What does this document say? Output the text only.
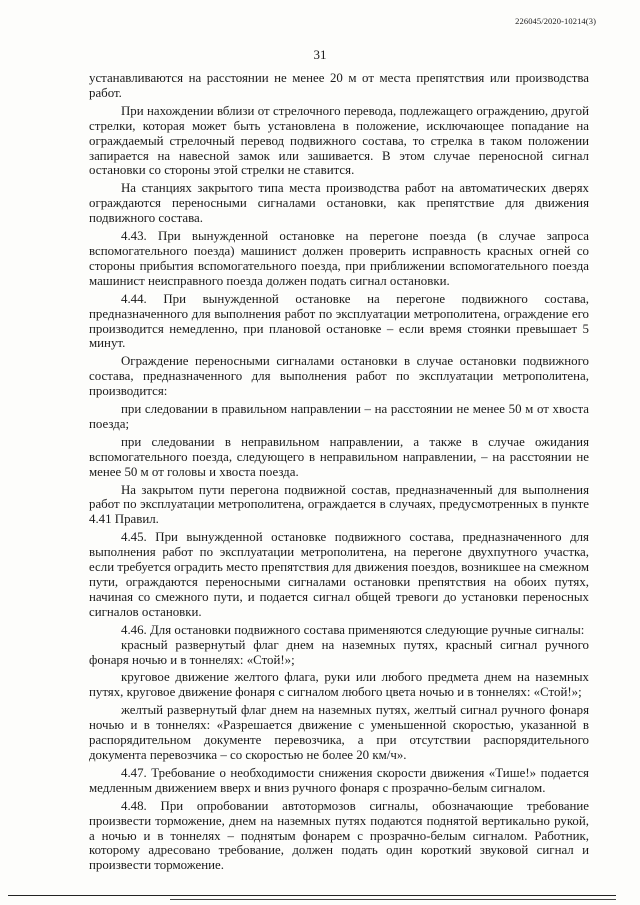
226045/2020-10214(3)
31

устанавливаются на расстоянии не менее 20 м от места препятствия или производства работ.

При нахождении вблизи от стрелочного перевода, подлежащего ограждению, другой стрелки, которая может быть установлена в положение, исключающее попадание на ограждаемый стрелочный перевод подвижного состава, то стрелка в таком положении запирается на навесной замок или зашивается. В этом случае переносной сигнал остановки со стороны этой стрелки не ставится.

На станциях закрытого типа места производства работ на автоматических дверях ограждаются переносными сигналами остановки, как препятствие для движения подвижного состава.

4.43. При вынужденной остановке на перегоне поезда (в случае запроса вспомогательного поезда) машинист должен проверить исправность красных огней со стороны прибытия вспомогательного поезда, при приближении вспомогательного поезда машинист неисправного поезда должен подать сигнал остановки.

4.44. При вынужденной остановке на перегоне подвижного состава, предназначенного для выполнения работ по эксплуатации метрополитена, ограждение его производится немедленно, при плановой остановке – если время стоянки превышает 5 минут.

Ограждение переносными сигналами остановки в случае остановки подвижного состава, предназначенного для выполнения работ по эксплуатации метрополитена, производится:

при следовании в правильном направлении – на расстоянии не менее 50 м от хвоста поезда;

при следовании в неправильном направлении, а также в случае ожидания вспомогательного поезда, следующего в неправильном направлении, – на расстоянии не менее 50 м от головы и хвоста поезда.

На закрытом пути перегона подвижной состав, предназначенный для выполнения работ по эксплуатации метрополитена, ограждается в случаях, предусмотренных в пункте 4.41 Правил.

4.45. При вынужденной остановке подвижного состава, предназначенного для выполнения работ по эксплуатации метрополитена, на перегоне двухпутного участка, если требуется оградить место препятствия для движения поездов, возникшее на смежном пути, ограждаются переносными сигналами остановки препятствия на обоих путях, начиная со смежного пути, и подается сигнал общей тревоги до установки переносных сигналов остановки.

4.46. Для остановки подвижного состава применяются следующие ручные сигналы:

красный развернутый флаг днем на наземных путях, красный сигнал ручного фонаря ночью и в тоннелях: «Стой!»;

круговое движение желтого флага, руки или любого предмета днем на наземных путях, круговое движение фонаря с сигналом любого цвета ночью и в тоннелях: «Стой!»;

желтый развернутый флаг днем на наземных путях, желтый сигнал ручного фонаря ночью и в тоннелях: «Разрешается движение с уменьшенной скоростью, указанной в распорядительном документе перевозчика, а при отсутствии распорядительного документа перевозчика – со скоростью не более 20 км/ч».

4.47. Требование о необходимости снижения скорости движения «Тише!» подается медленным движением вверх и вниз ручного фонаря с прозрачно-белым сигналом.

4.48. При опробовании автотормозов сигналы, обозначающие требование произвести торможение, днем на наземных путях подаются поднятой вертикально рукой, а ночью и в тоннелях – поднятым фонарем с прозрачно-белым сигналом. Работник, которому адресовано требование, должен подать один короткий звуковой сигнал и произвести торможение.
